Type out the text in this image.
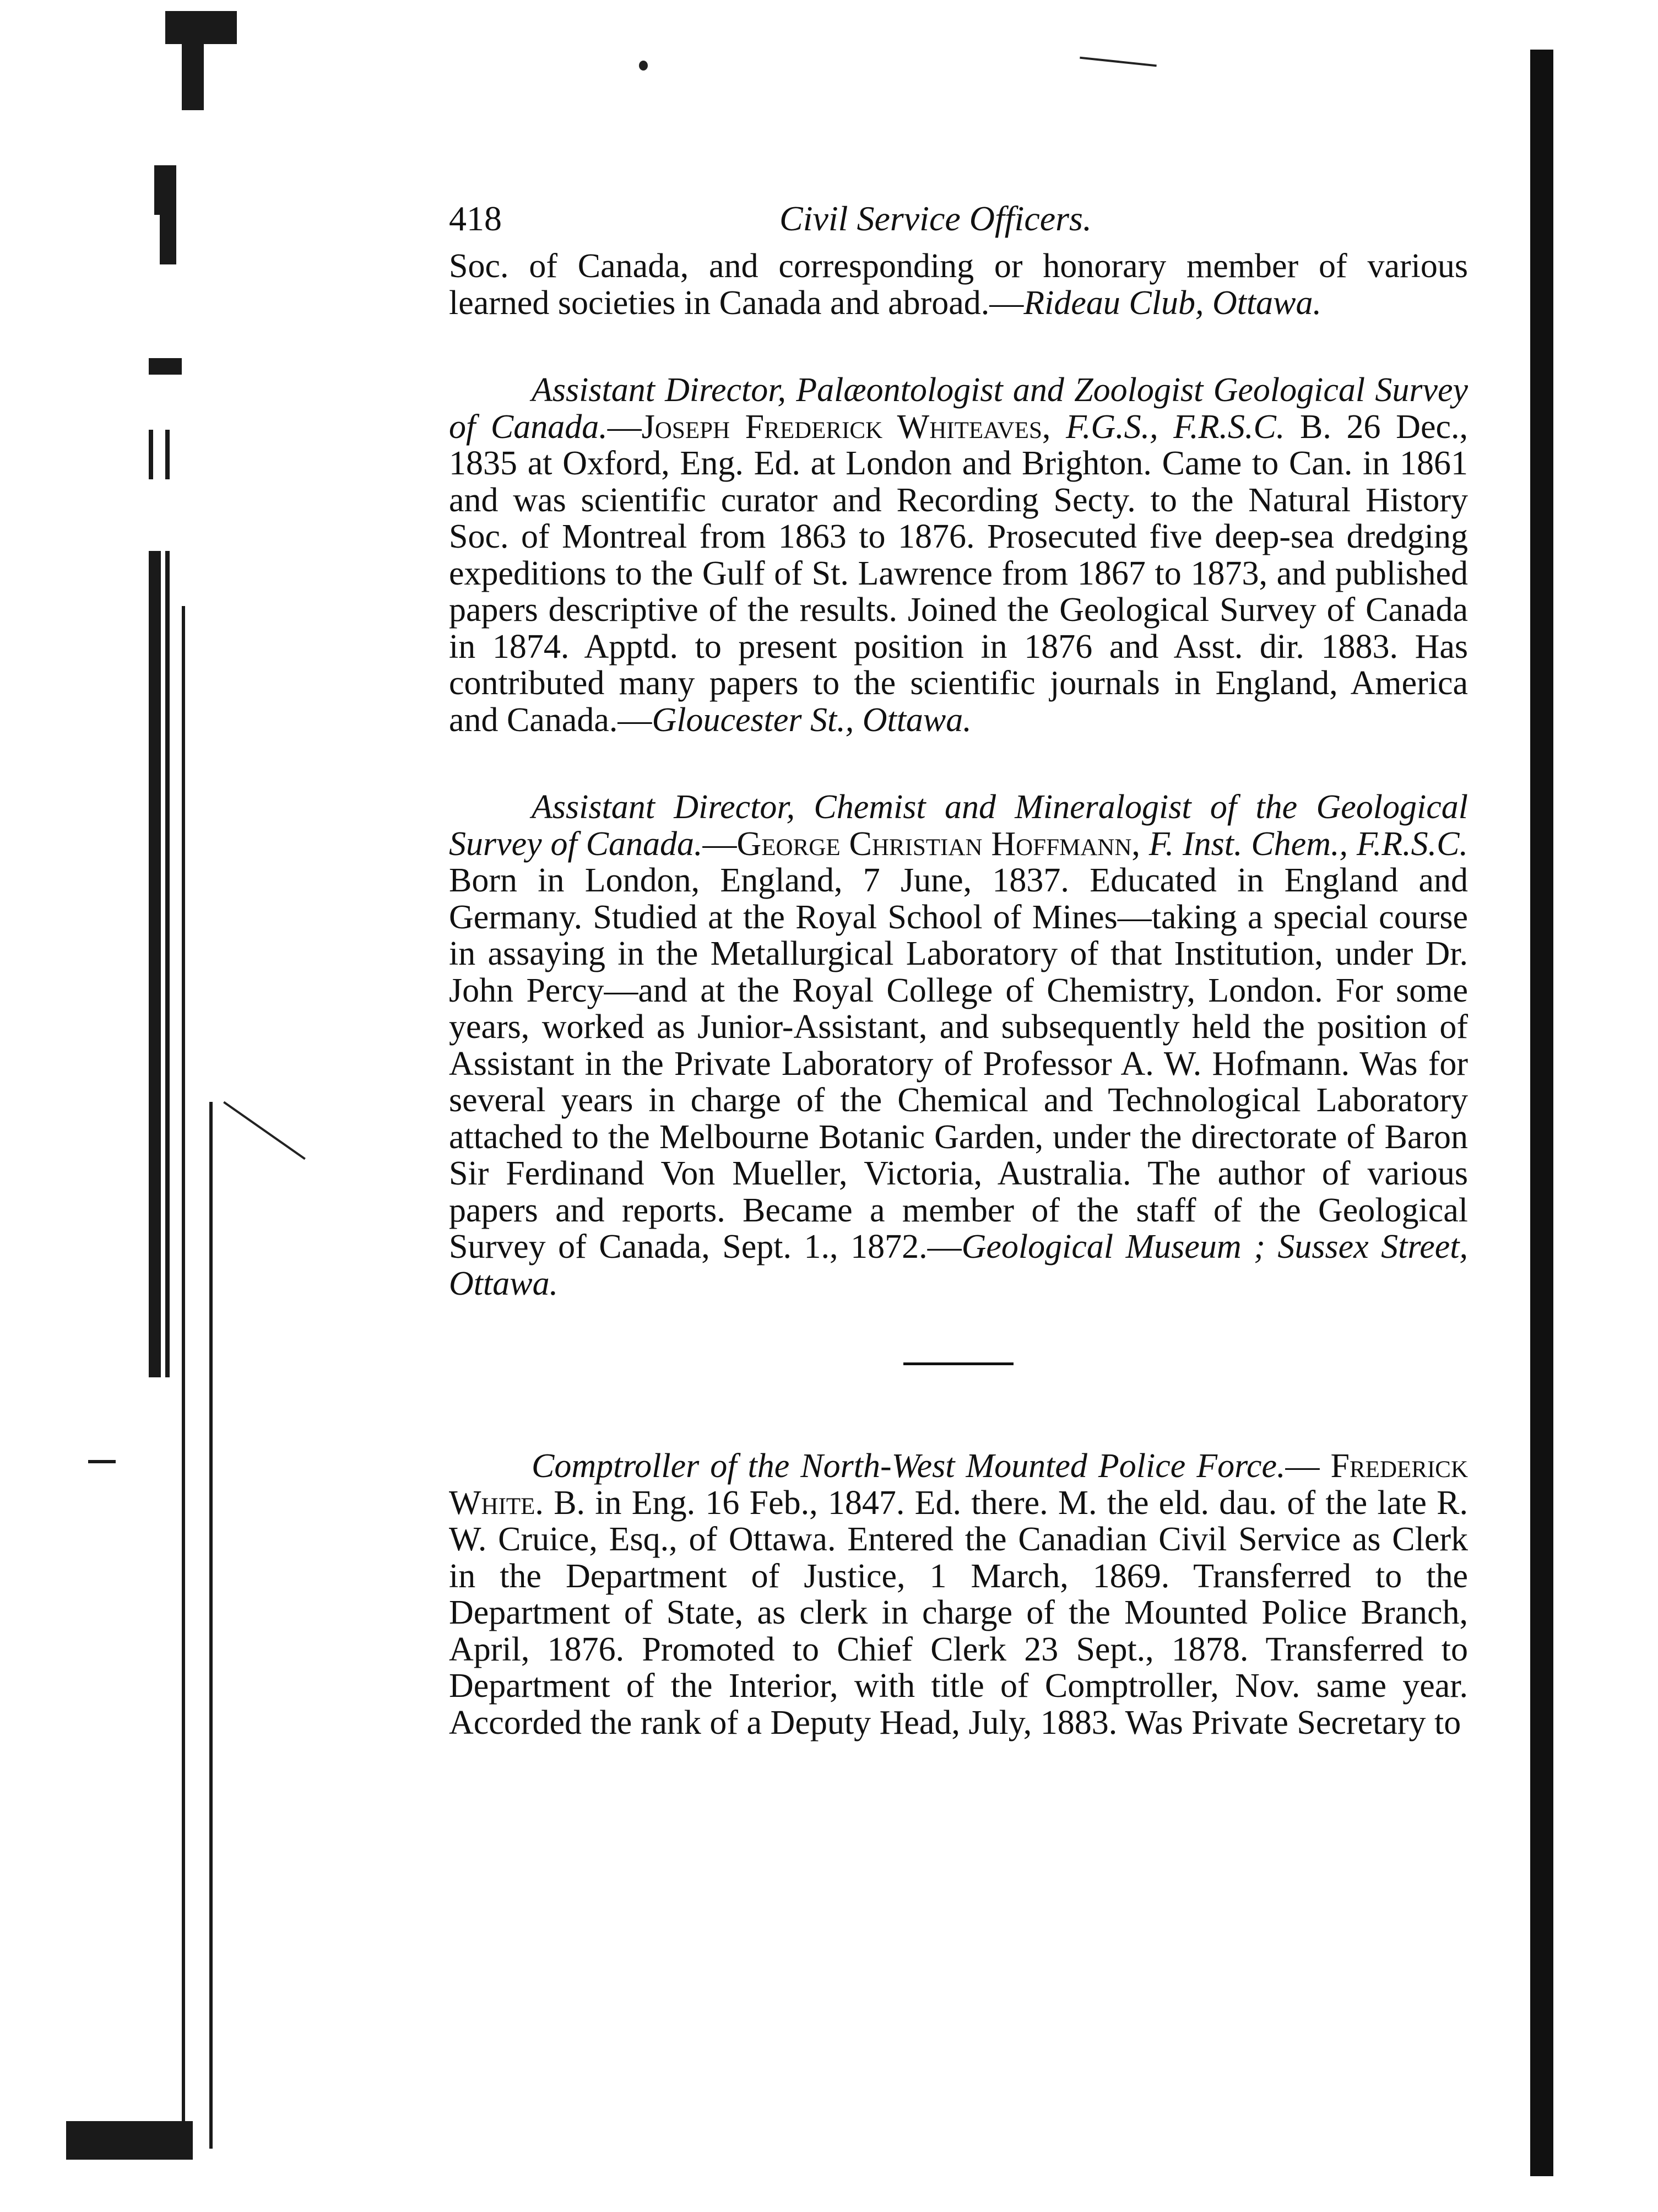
418	Civil Service Officers.

Soc. of Canada, and corresponding or honorary member of various learned societies in Canada and abroad.—Rideau Club, Ottawa.

Assistant Director, Palæontologist and Zoologist Geological Survey of Canada.—Joseph Frederick Whiteaves, F.G.S., F.R.S.C. B. 26 Dec., 1835 at Oxford, Eng. Ed. at London and Brighton. Came to Can. in 1861 and was scientific curator and Recording Secty. to the Natural History Soc. of Montreal from 1863 to 1876. Prosecuted five deep-sea dredging expeditions to the Gulf of St. Lawrence from 1867 to 1873, and published papers descriptive of the results. Joined the Geological Survey of Canada in 1874. Apptd. to present position in 1876 and Asst. dir. 1883. Has contributed many papers to the scientific journals in England, America and Canada.—Gloucester St., Ottawa.

Assistant Director, Chemist and Mineralogist of the Geological Survey of Canada.—George Christian Hoffmann, F. Inst. Chem., F.R.S.C. Born in London, England, 7 June, 1837. Educated in England and Germany. Studied at the Royal School of Mines—taking a special course in assaying in the Metallurgical Laboratory of that Institution, under Dr. John Percy—and at the Royal College of Chemistry, London. For some years, worked as Junior-Assistant, and subsequently held the position of Assistant in the Private Laboratory of Professor A. W. Hofmann. Was for several years in charge of the Chemical and Technological Laboratory attached to the Melbourne Botanic Garden, under the directorate of Baron Sir Ferdinand Von Mueller, Victoria, Australia. The author of various papers and reports. Became a member of the staff of the Geological Survey of Canada, Sept. 1., 1872.—Geological Museum ; Sussex Street, Ottawa.

Comptroller of the North-West Mounted Police Force.— Frederick White. B. in Eng. 16 Feb., 1847. Ed. there. M. the eld. dau. of the late R. W. Cruice, Esq., of Ottawa. Entered the Canadian Civil Service as Clerk in the Department of Justice, 1 March, 1869. Transferred to the Department of State, as clerk in charge of the Mounted Police Branch, April, 1876. Promoted to Chief Clerk 23 Sept., 1878. Transferred to Department of the Interior, with title of Comptroller, Nov. same year. Accorded the rank of a Deputy Head, July, 1883. Was Private Secretary to
